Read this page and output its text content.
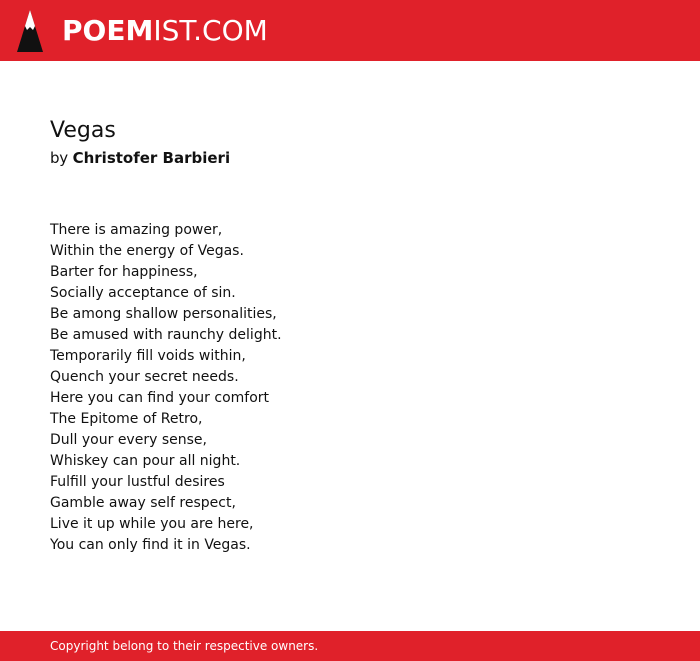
POEMIST.COM
Vegas
by Christofer Barbieri
There is amazing power,
Within the energy of Vegas.
Barter for happiness,
Socially acceptance of sin.
Be among shallow personalities,
Be amused with raunchy delight.
Temporarily fill voids within,
Quench your secret needs.
Here you can find your comfort
The Epitome of Retro,
Dull your every sense,
Whiskey can pour all night.
Fulfill your lustful desires
Gamble away self respect,
Live it up while you are here,
You can only find it in Vegas.
Copyright belong to their respective owners.
